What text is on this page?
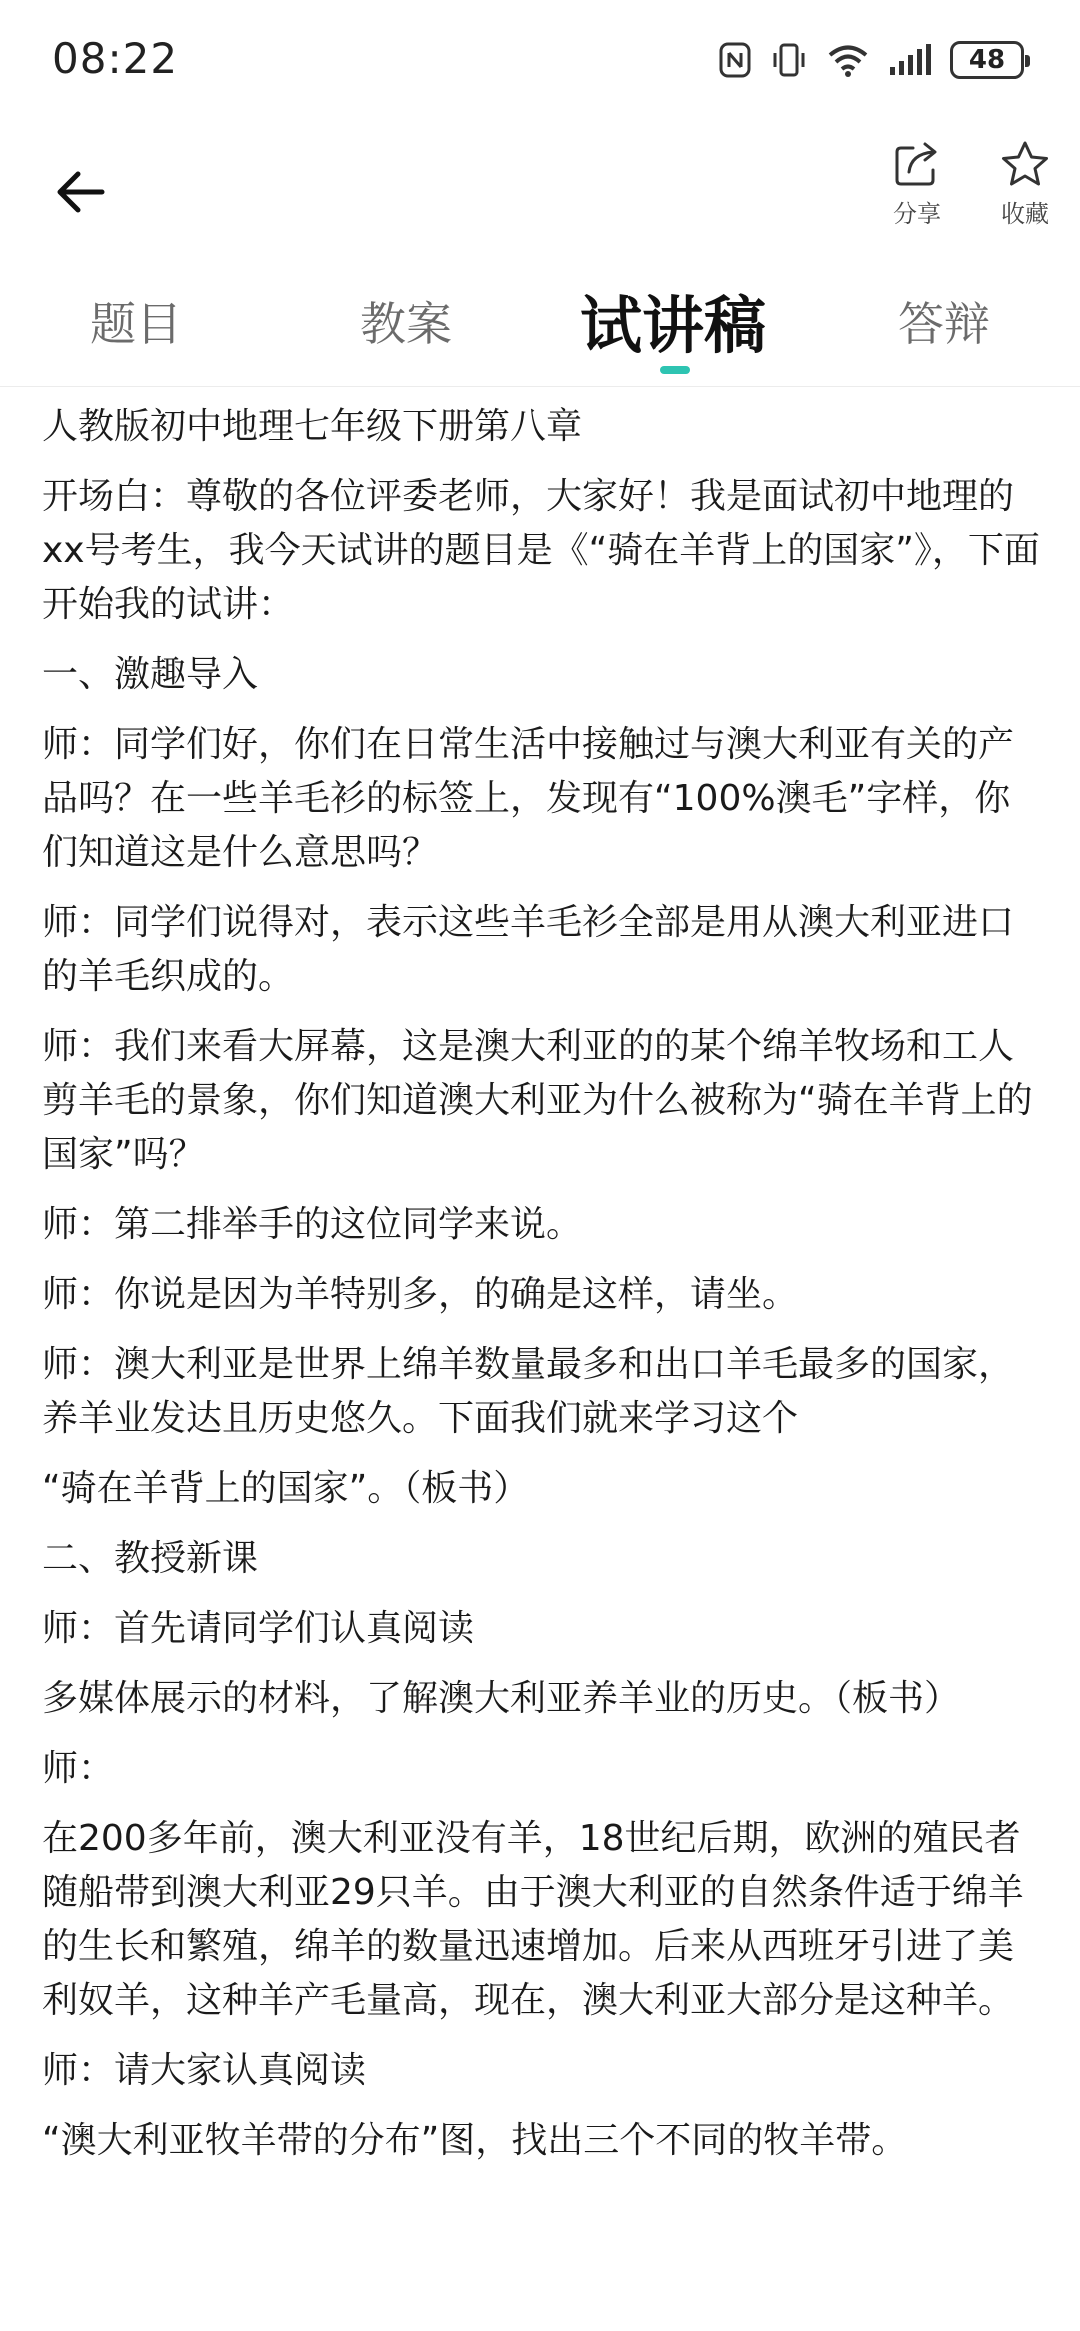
08:22	48
分享	收藏
题目	教案 试讲稿	答辩

人教版初中地理七年级下册第八章

开场白：尊敬的各位评委老师，大家好！我是面试初中地理的xx号考生，我今天试讲的题目是《“骑在羊背上的国家”》，下面开始我的试讲：

一、激趣导入

师：同学们好，你们在日常生活中接触过与澳大利亚有关的产品吗？在一些羊毛衫的标签上，发现有“100%澳毛”字样，你们知道这是什么意思吗？

师：同学们说得对，表示这些羊毛衫全部是用从澳大利亚进口的羊毛织成的。

师：我们来看大屏幕，这是澳大利亚的的某个绵羊牧场和工人剪羊毛的景象，你们知道澳大利亚为什么被称为“骑在羊背上的国家”吗？

师：第二排举手的这位同学来说。

师：你说是因为羊特别多，的确是这样，请坐。

师：澳大利亚是世界上绵羊数量最多和出口羊毛最多的国家，养羊业发达且历史悠久。下面我们就来学习这个

“骑在羊背上的国家”。（板书）

二、教授新课

师：首先请同学们认真阅读

多媒体展示的材料，了解澳大利亚养羊业的历史。（板书）

师：

在200多年前，澳大利亚没有羊，18世纪后期，欧洲的殖民者随船带到澳大利亚29只羊。由于澳大利亚的自然条件适于绵羊的生长和繁殖，绵羊的数量迅速增加。后来从西班牙引进了美利奴羊，这种羊产毛量高，现在，澳大利亚大部分是这种羊。

师：请大家认真阅读

“澳大利亚牧羊带的分布”图，找出三个不同的牧羊带。
